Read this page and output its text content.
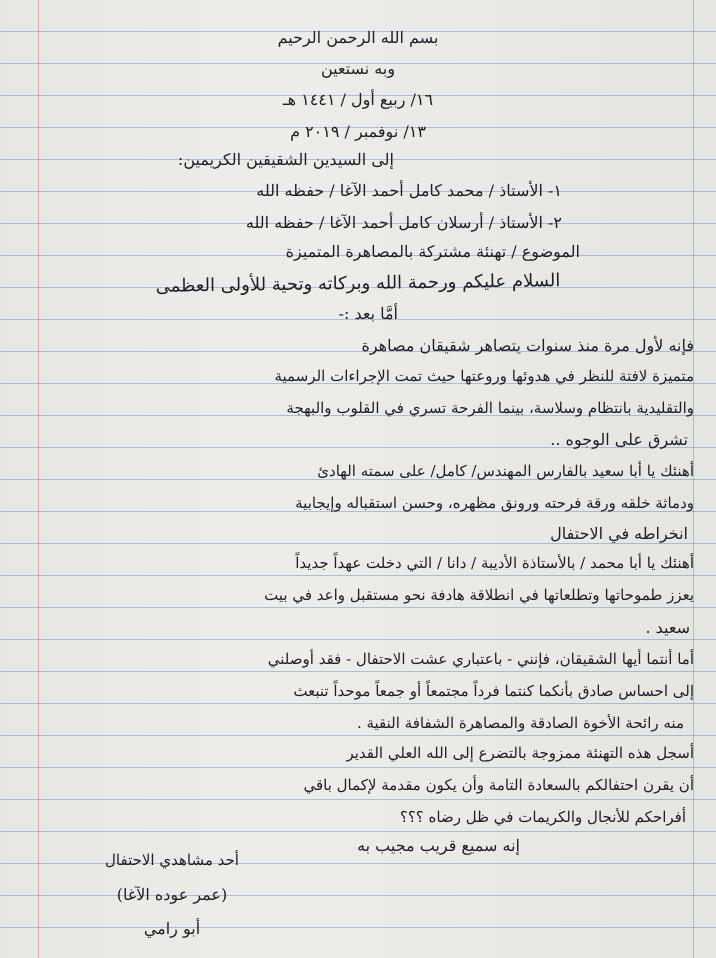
بسم الله الرحمن الرحيم
وبه نستعين
١٦/ ربيع أول / ١٤٤١ هـ
١٣/ نوفمبر / ٢٠١٩ م
إلى السيدين الشقيقين الكريمين:
١- الأستاذ / محمد كامل أحمد الآغا / حفظه الله
٢- الأستاذ / أرسلان كامل أحمد الآغا / حفظه الله
الموضوع / تهنئة مشتركة بالمصاهرة المتميزة
السلام عليكم ورحمة الله وبركاته وتحية للأولى العظمى
أمَّا بعد :-
فإنه لأول مرة منذ سنوات يتصاهر شقيقان مصاهرة
متميزة لافتة للنظر في هدوئها وروعتها حيث تمت الإجراءات الرسمية
والتقليدية بانتظام وسلاسة، بينما الفرحة تسري في القلوب والبهجة
تشرق على الوجوه ..
أهنئك يا أبا سعيد بالفارس المهندس/ كامل/ على سمته الهادئ
ودماثة خلقه ورقة فرحته ورونق مظهره، وحسن استقباله وإيجابية
انخراطه في الاحتفال
أهنئك يا أبا محمد / بالأستاذة الأديبة / دانا / التي دخلت عهداً جديداً
يعزز طموحاتها وتطلعاتها في انطلاقة هادفة نحو مستقبل واعد في بيت
سعيد .
أما أنتما أيها الشقيقان، فإنني - باعتباري عشت الاحتفال - فقد أوصلني
إلى احساس صادق بأنكما كنتما فرداً مجتمعاً أو جمعاً موحداً تنبعث
منه رائحة الأخوة الصادقة والمصاهرة الشفافة النقية .
أسجل هذه التهنئة ممزوجة بالتضرع إلى الله العلي القدير
أن يقرن احتفالكم بالسعادة التامة وأن يكون مقدمة لإكمال باقي
أفراحكم للأنجال والكريمات في ظل رضاه ؟؟؟
إنه سميع قريب مجيب به
أحد مشاهدي الاحتفال
(عمر عوده الآغا)
أبو رامي
